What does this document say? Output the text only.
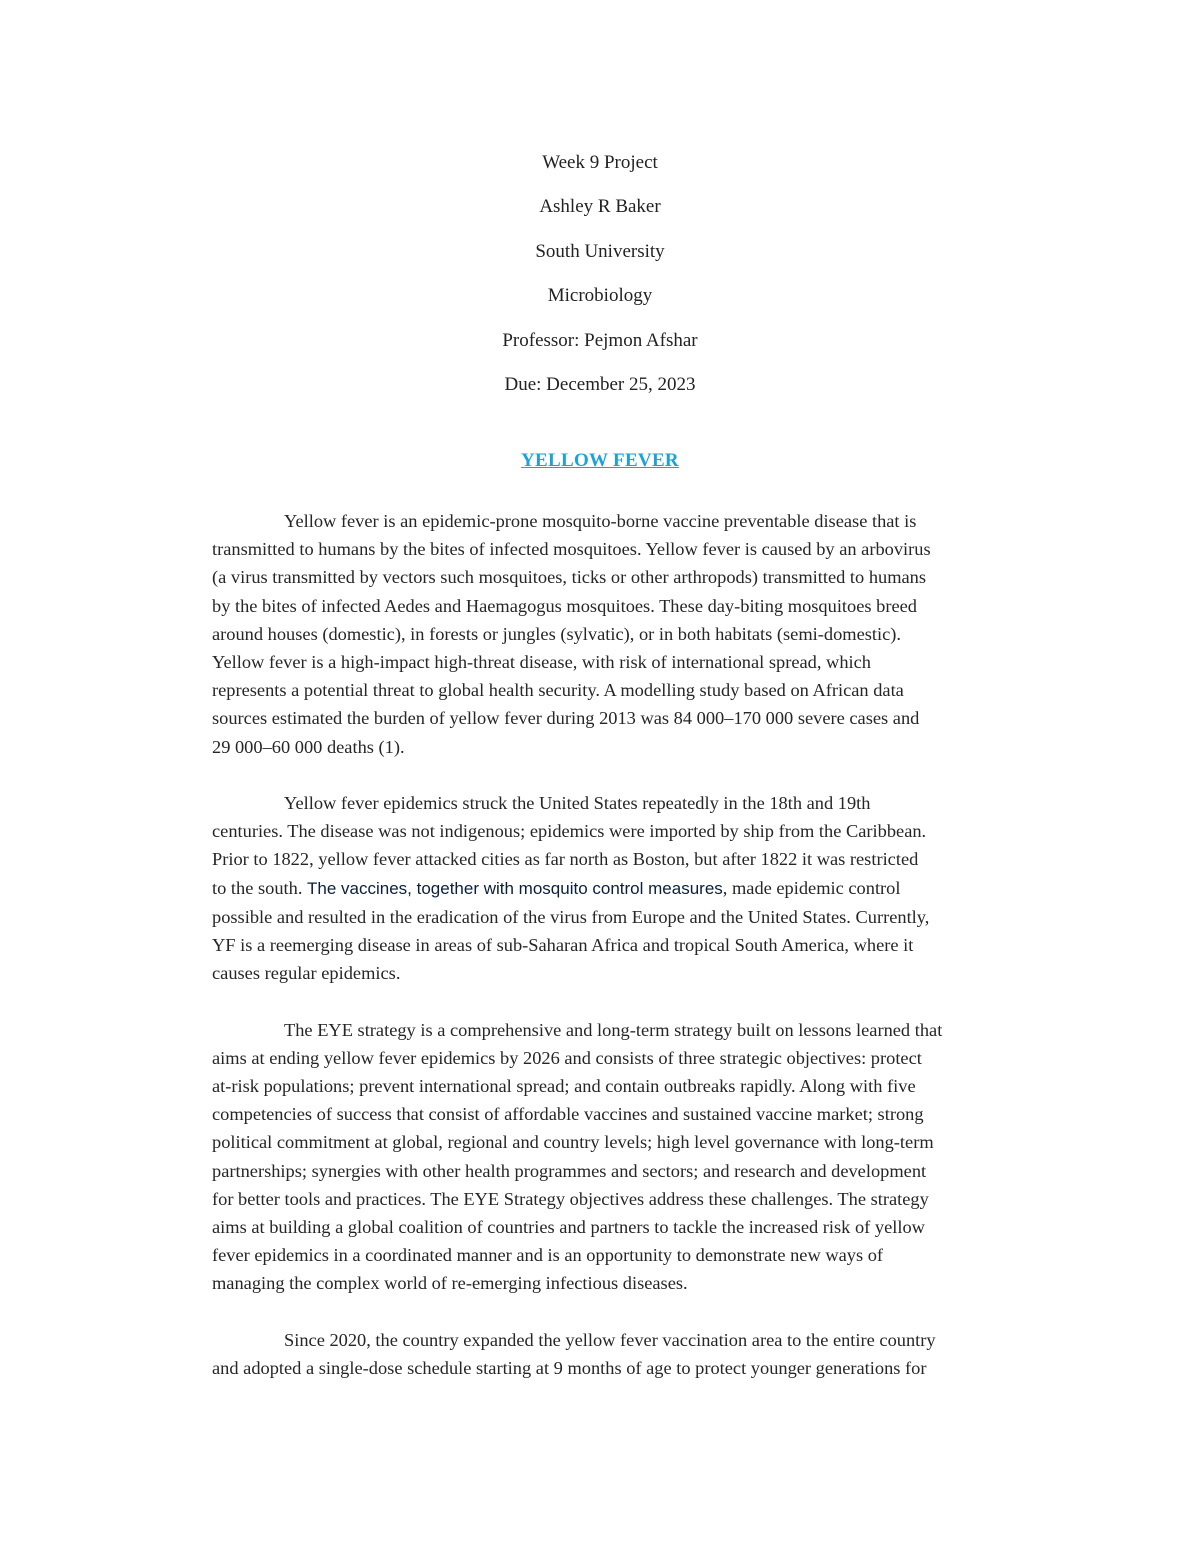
Week 9 Project
Ashley R Baker
South University
Microbiology
Professor: Pejmon Afshar
Due: December 25, 2023
YELLOW FEVER
Yellow fever is an epidemic-prone mosquito-borne vaccine preventable disease that is
transmitted to humans by the bites of infected mosquitoes. Yellow fever is caused by an arbovirus
(a virus transmitted by vectors such mosquitoes, ticks or other arthropods) transmitted to humans
by the bites of infected Aedes and Haemagogus mosquitoes. These day-biting mosquitoes breed
around houses (domestic), in forests or jungles (sylvatic), or in both habitats (semi-domestic).
Yellow fever is a high-impact high-threat disease, with risk of international spread, which
represents a potential threat to global health security. A modelling study based on African data
sources estimated the burden of yellow fever during 2013 was 84 000–170 000 severe cases and
29 000–60 000 deaths (1).
Yellow fever epidemics struck the United States repeatedly in the 18th and 19th
centuries. The disease was not indigenous; epidemics were imported by ship from the Caribbean.
Prior to 1822, yellow fever attacked cities as far north as Boston, but after 1822 it was restricted
to the south. The vaccines, together with mosquito control measures, made epidemic control
possible and resulted in the eradication of the virus from Europe and the United States. Currently,
YF is a reemerging disease in areas of sub-Saharan Africa and tropical South America, where it
causes regular epidemics.
The EYE strategy is a comprehensive and long-term strategy built on lessons learned that
aims at ending yellow fever epidemics by 2026 and consists of three strategic objectives: protect
at-risk populations; prevent international spread; and contain outbreaks rapidly. Along with five
competencies of success that consist of affordable vaccines and sustained vaccine market; strong
political commitment at global, regional and country levels; high level governance with long-term
partnerships; synergies with other health programmes and sectors; and research and development
for better tools and practices. The EYE Strategy objectives address these challenges. The strategy
aims at building a global coalition of countries and partners to tackle the increased risk of yellow
fever epidemics in a coordinated manner and is an opportunity to demonstrate new ways of
managing the complex world of re-emerging infectious diseases.
Since 2020, the country expanded the yellow fever vaccination area to the entire country
and adopted a single-dose schedule starting at 9 months of age to protect younger generations for
